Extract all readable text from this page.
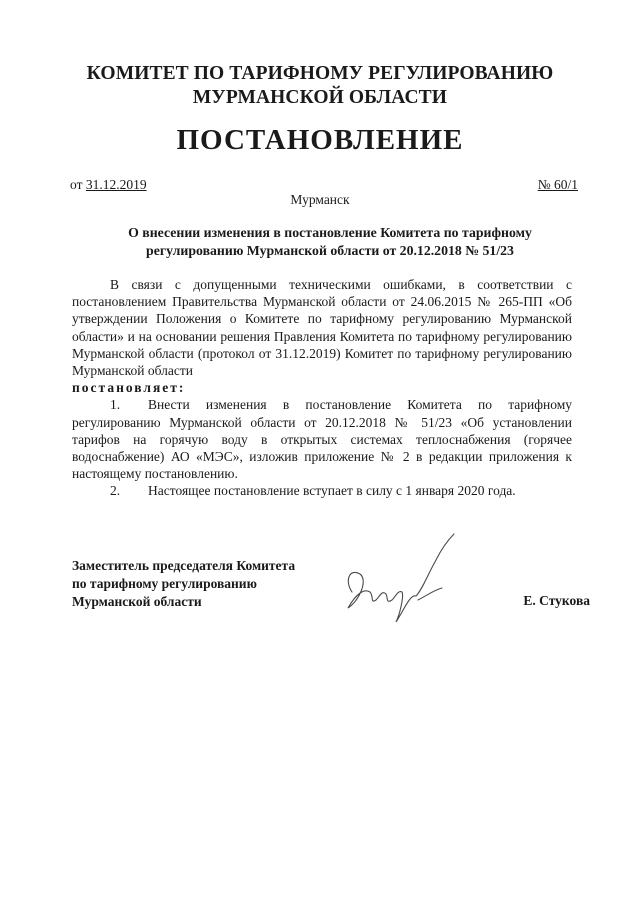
КОМИТЕТ ПО ТАРИФНОМУ РЕГУЛИРОВАНИЮ
МУРМАНСКОЙ ОБЛАСТИ
ПОСТАНОВЛЕНИЕ
от 31.12.2019	№ 60/1
Мурманск
О внесении изменения в постановление Комитета по тарифному
регулированию Мурманской области от 20.12.2018 № 51/23

В связи с допущенными техническими ошибками, в соответствии с постановлением Правительства Мурманской области от 24.06.2015 № 265-ПП «Об утверждении Положения о Комитете по тарифному регулированию Мурманской области» и на основании решения Правления Комитета по тарифному регулированию Мурманской области (протокол от 31.12.2019) Комитет по тарифному регулированию Мурманской области

постановляет:

1. Внести изменения в постановление Комитета по тарифному регулированию Мурманской области от 20.12.2018 № 51/23 «Об установлении тарифов на горячую воду в открытых системах теплоснабжения (горячее водоснабжение) АО «МЭС», изложив приложение № 2 в редакции приложения к настоящему постановлению.

2. Настоящее постановление вступает в силу с 1 января 2020 года.

Заместитель председателя Комитета
по тарифному регулированию
Мурманской области	Е. Стукова
